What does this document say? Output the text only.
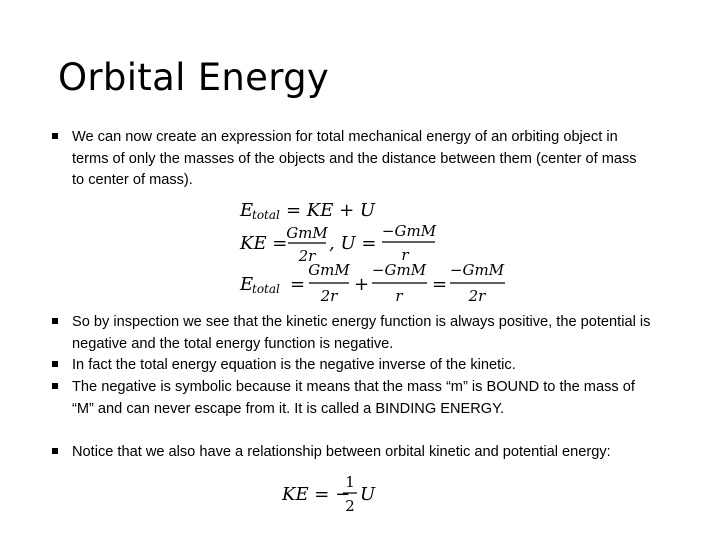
Orbital Energy
We can now create an expression for total mechanical energy of an orbiting object in terms of only the masses of the objects and the distance between them (center of mass to center of mass).
E
total = KE + U
KE =
GmM
2r
, U =
−GmM
r
E
total =
GmM
2r
+
−GmM
r
=
−GmM
2r
So by inspection we see that the kinetic energy function is always positive, the potential is negative and the total energy function is negative.
In fact the total energy equation is the negative inverse of the kinetic.
The negative is symbolic because it means that the mass “m” is BOUND to the mass of “M” and can never escape from it. It is called a BINDING ENERGY.
Notice that we also have a relationship between orbital kinetic and potential energy:
KE = −
1
2
U
